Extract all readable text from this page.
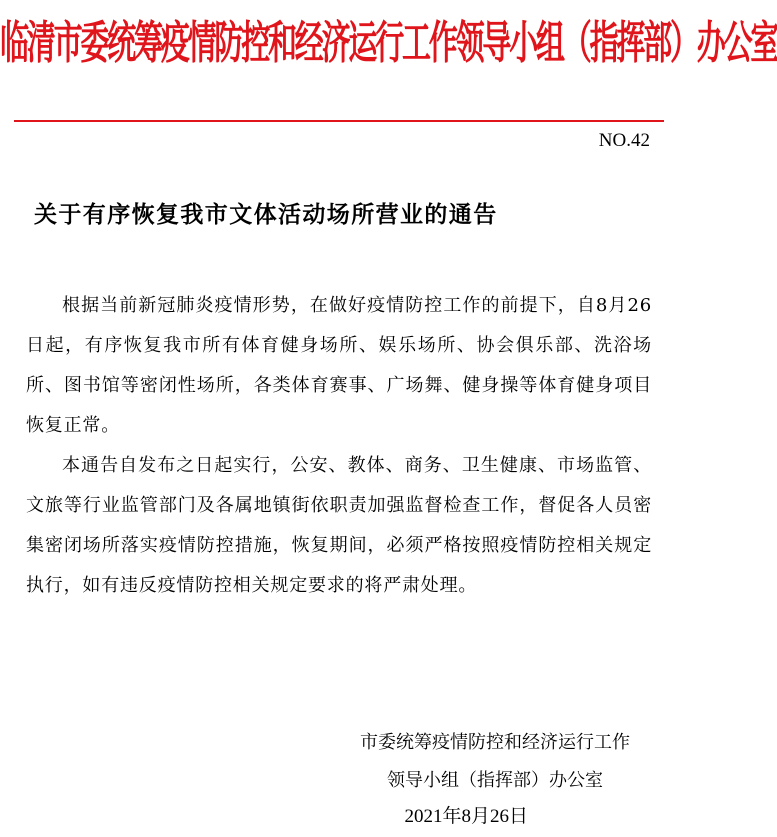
临清市委统筹疫情防控和经济运行工作领导小组（指挥部）办公室
NO.42
关于有序恢复我市文体活动场所营业的通告

根据当前新冠肺炎疫情形势，在做好疫情防控工作的前提下，自8月26日起，有序恢复我市所有体育健身场所、娱乐场所、协会俱乐部、洗浴场所、图书馆等密闭性场所，各类体育赛事、广场舞、健身操等体育健身项目恢复正常。

本通告自发布之日起实行，公安、教体、商务、卫生健康、市场监管、文旅等行业监管部门及各属地镇街依职责加强监督检查工作，督促各人员密集密闭场所落实疫情防控措施，恢复期间，必须严格按照疫情防控相关规定执行，如有违反疫情防控相关规定要求的将严肃处理。

市委统筹疫情防控和经济运行工作
领导小组（指挥部）办公室
2021年8月26日
